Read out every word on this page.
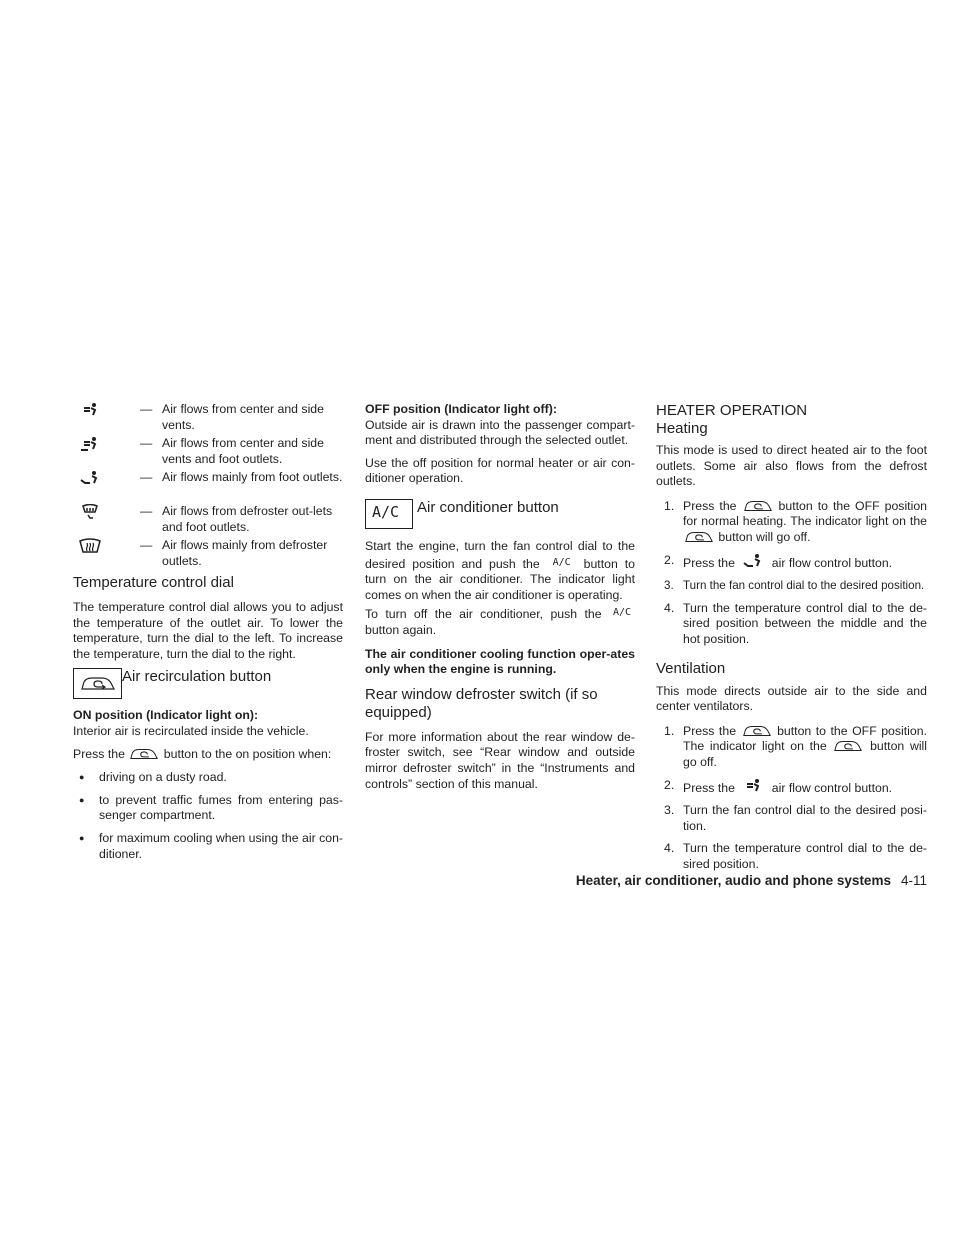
— Air flows from center and side vents.
— Air flows from center and side vents and foot outlets.
— Air flows mainly from foot outlets.
— Air flows from defroster out-lets and foot outlets.
— Air flows mainly from defroster outlets.
Temperature control dial

The temperature control dial allows you to adjust the temperature of the outlet air. To lower the temperature, turn the dial to the left. To increase the temperature, turn the dial to the right.

Air recirculation button

ON position (Indicator light on):

Interior air is recirculated inside the vehicle.

Press the	button to the on position when:

● driving on a dusty road.
● to prevent traffic fumes from entering pas-senger compartment.
● for maximum cooling when using the air con-ditioner.

OFF position (Indicator light off):

Outside air is drawn into the passenger compart-ment and distributed through the selected outlet.

Use the off position for normal heater or air con-ditioner operation.

A/C Air conditioner button

Start the engine, turn the fan control dial to the desired position and push the $^{A/C}$ button to turn on the air conditioner. The indicator light comes on when the air conditioner is operating.

To turn off the air conditioner, push the $^{A/C}$ button again.

The air conditioner cooling function oper-ates only when the engine is running.

Rear window defroster switch (if so equipped)

For more information about the rear window de-froster switch, see “Rear window and outside mirror defroster switch” in the “Instruments and controls” section of this manual.

HEATER OPERATION
Heating

This mode is used to direct heated air to the foot outlets. Some air also flows from the defrost outlets.

1. Press the	button to the OFF position for normal heating. The indicator light on the  button will go off.
2. Press the	air flow control button.
3. Turn the fan control dial to the desired position.
4. Turn the temperature control dial to the de-sired position between the middle and the hot position.
Ventilation

This mode directs outside air to the side and center ventilators.

1. Press the	button to the OFF position. The indicator light on the	button will go off.
2. Press the	air flow control button.
3. Turn the fan control dial to the desired posi-tion.
4. Turn the temperature control dial to the de-sired position.
Heater, air conditioner, audio and phone systems 4-11
